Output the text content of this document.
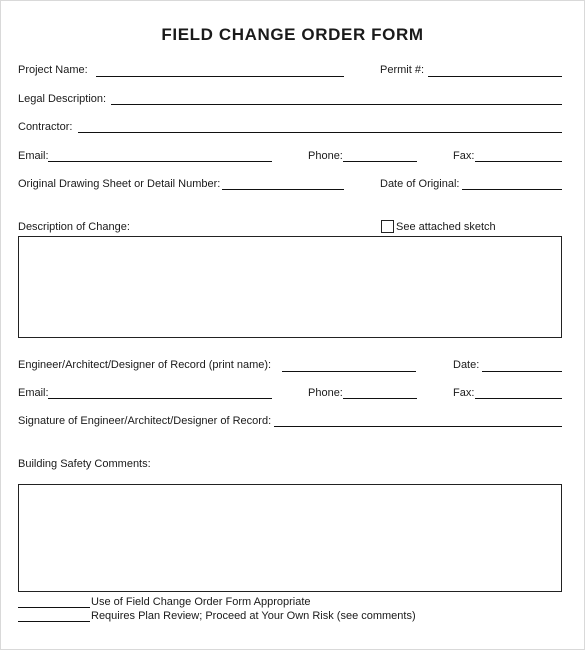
FIELD CHANGE ORDER FORM
Project Name:	Permit #:
Legal Description:
Contractor:
Email:	Phone:	Fax:
Original Drawing Sheet or Detail Number:	Date of Original:
Description of Change:	See attached sketch
Engineer/Architect/Designer of Record (print name):	Date:
Email:	Phone:	Fax:
Signature of Engineer/Architect/Designer of Record:
Building Safety Comments:
Use of Field Change Order Form Appropriate
Requires Plan Review; Proceed at Your Own Risk (see comments)
